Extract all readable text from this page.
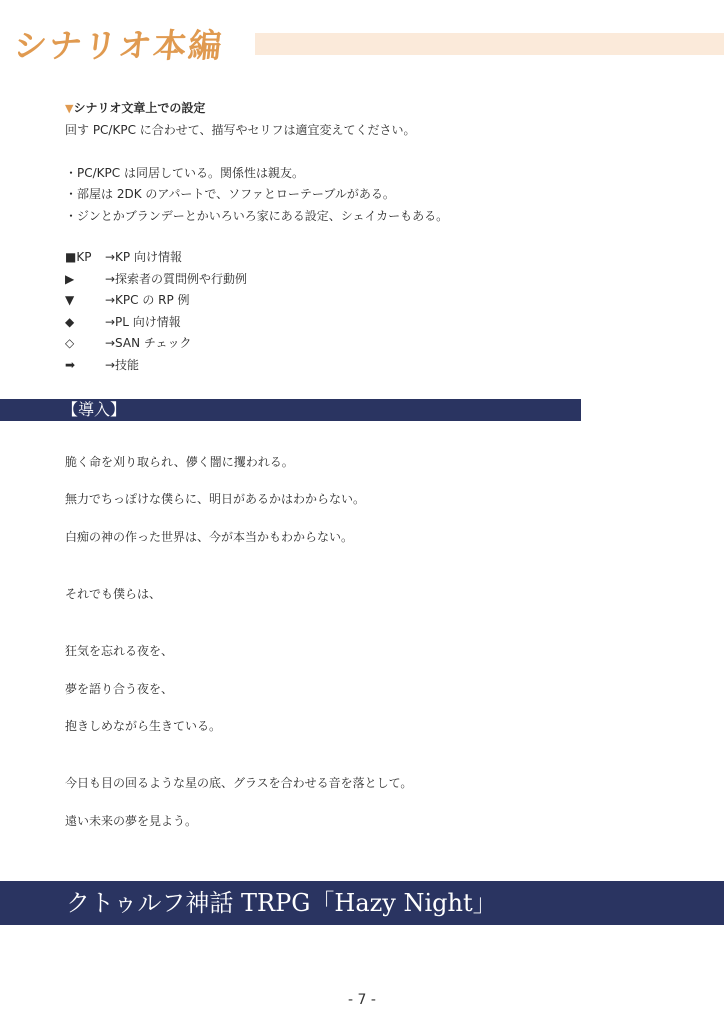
シナリオ本編
▼シナリオ文章上での設定
回す PC/KPC に合わせて、描写やセリフは適宜変えてください。
・PC/KPC は同居している。関係性は親友。
・部屋は 2DK のアパートで、ソファとローテーブルがある。
・ジンとかブランデーとかいろいろ家にある設定、シェイカーもある。
■KP	→KP 向け情報
▶	→探索者の質問例や行動例
▼	→KPC の RP 例
◆	→PL 向け情報
◇	→SAN チェック
➡	→技能
【導入】
脆く命を刈り取られ、儚く闇に攫われる。
無力でちっぽけな僕らに、明日があるかはわからない。
白痴の神の作った世界は、今が本当かもわからない。
それでも僕らは、
狂気を忘れる夜を、
夢を語り合う夜を、
抱きしめながら生きている。
今日も目の回るような星の底、グラスを合わせる音を落として。
遠い未来の夢を見よう。
クトゥルフ神話 TRPG「Hazy Night」
- 7 -
